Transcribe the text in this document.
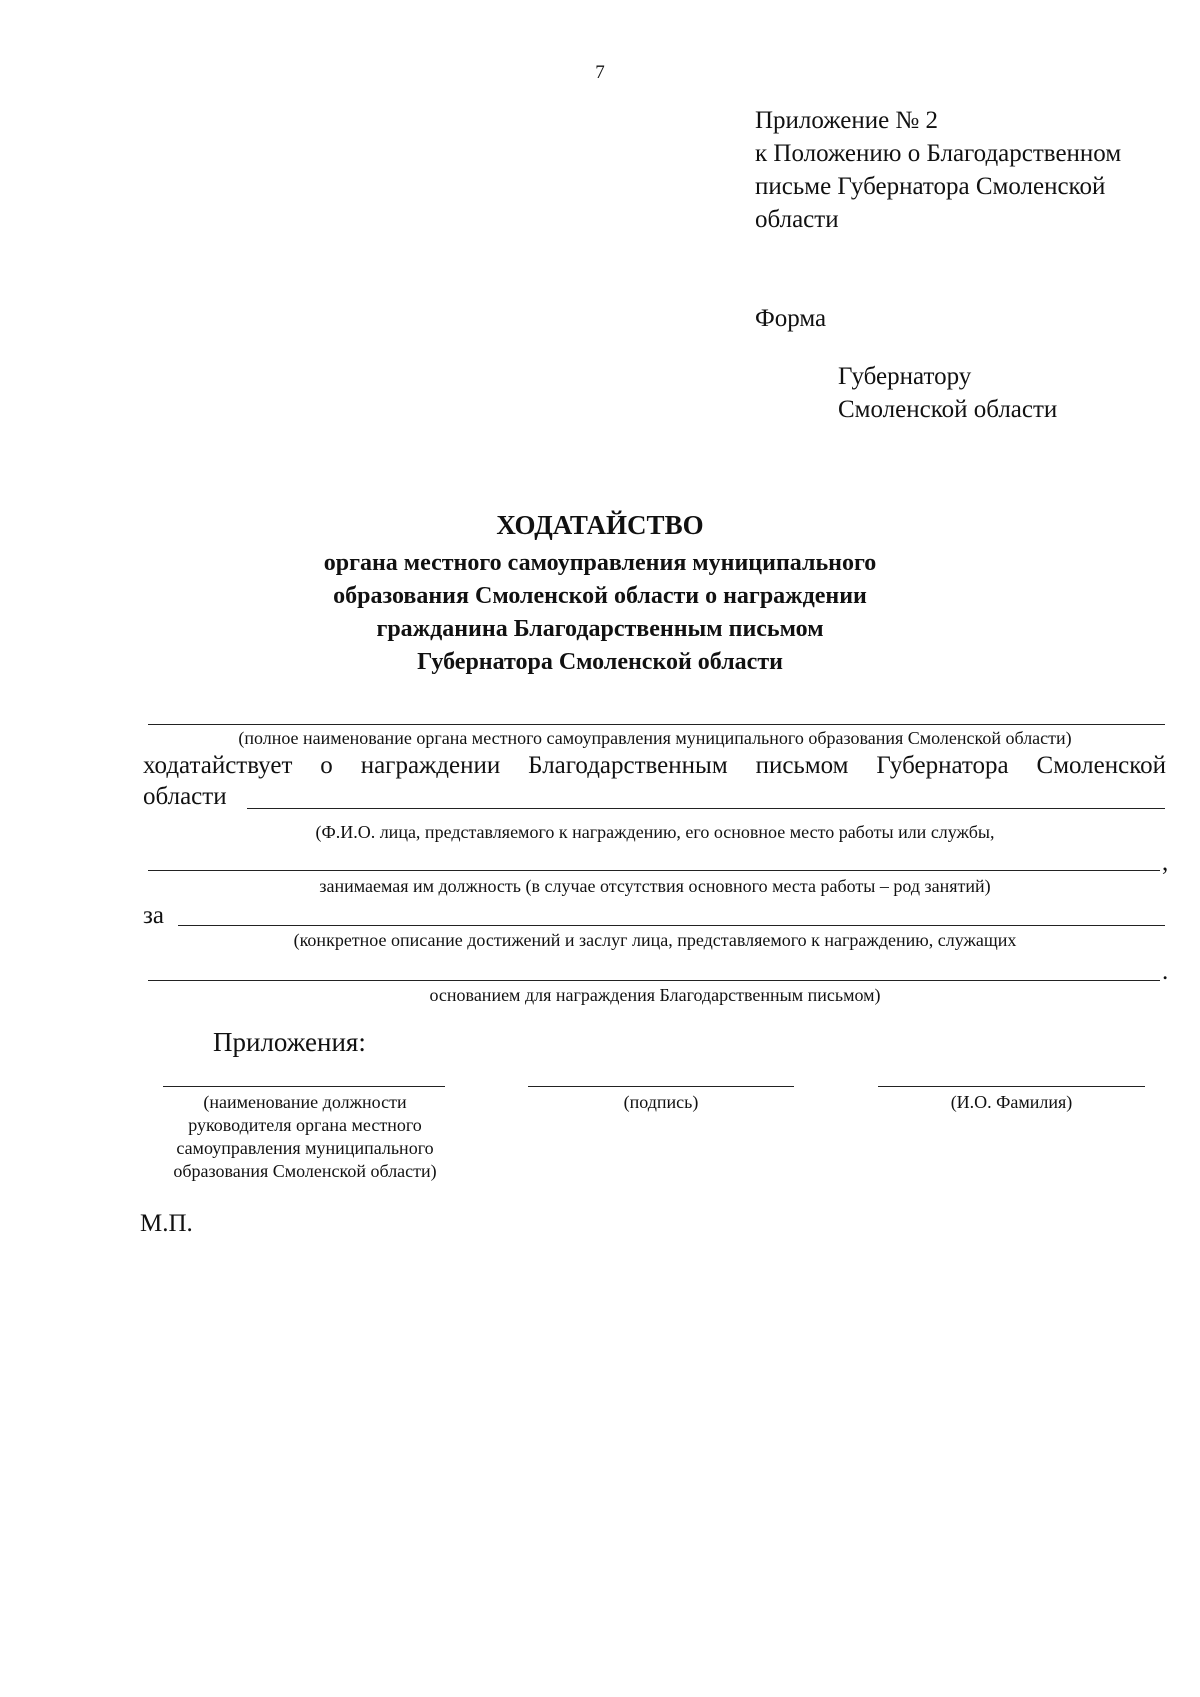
7
Приложение № 2
к Положению о Благодарственном
письме Губернатора Смоленской
области
Форма
Губернатору
Смоленской области
ХОДАТАЙСТВО
органа местного самоуправления муниципального
образования Смоленской области о награждении
гражданина Благодарственным письмом
Губернатора Смоленской области
(полное наименование органа местного самоуправления муниципального образования Смоленской области)
ходатайствует о награждении Благодарственным письмом Губернатора Смоленской
области
(Ф.И.О. лица, представляемого к награждению, его основное место работы или службы,
,
занимаемая им должность (в случае отсутствия основного места работы – род занятий)
за
(конкретное описание достижений и заслуг лица, представляемого к награждению, служащих
.
основанием для награждения Благодарственным письмом)
Приложения:
(наименование должности
руководителя органа местного
самоуправления муниципального
образования Смоленской области)
(подпись)	(И.О. Фамилия)
М.П.
